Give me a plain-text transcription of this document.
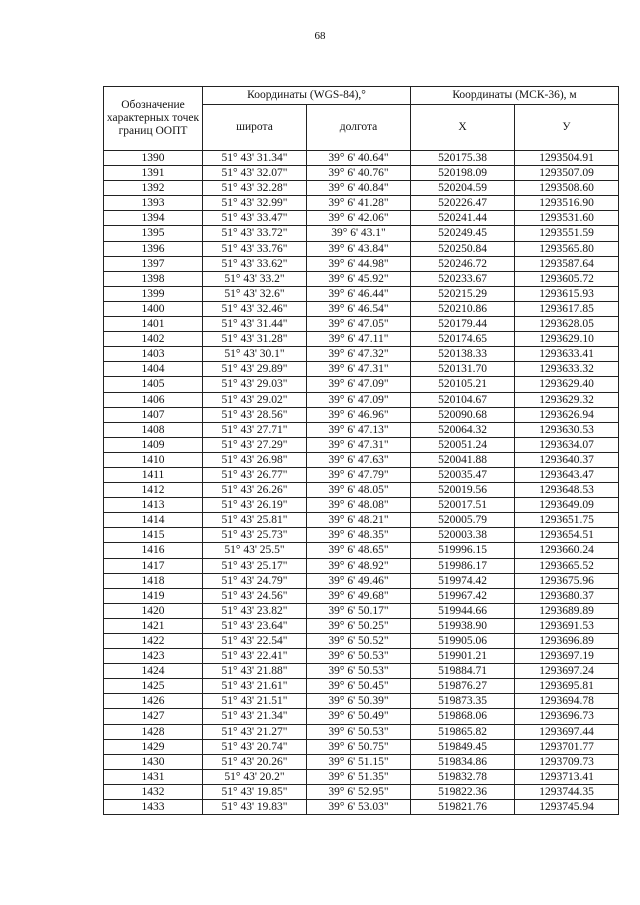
68
Обозначение характерных точек границ ООПТ	Координаты (WGS-84),°		Координаты (МСК-36), м	
	широта	долгота	X	У
1390	51° 43' 31.34"	39° 6' 40.64"	520175.38	1293504.91
1391	51° 43' 32.07"	39° 6' 40.76"	520198.09	1293507.09
1392	51° 43' 32.28"	39° 6' 40.84"	520204.59	1293508.60
1393	51° 43' 32.99"	39° 6' 41.28"	520226.47	1293516.90
1394	51° 43' 33.47"	39° 6' 42.06"	520241.44	1293531.60
1395	51° 43' 33.72"	39° 6' 43.1"	520249.45	1293551.59
1396	51° 43' 33.76"	39° 6' 43.84"	520250.84	1293565.80
1397	51° 43' 33.62"	39° 6' 44.98"	520246.72	1293587.64
1398	51° 43' 33.2"	39° 6' 45.92"	520233.67	1293605.72
1399	51° 43' 32.6"	39° 6' 46.44"	520215.29	1293615.93
1400	51° 43' 32.46"	39° 6' 46.54"	520210.86	1293617.85
1401	51° 43' 31.44"	39° 6' 47.05"	520179.44	1293628.05
1402	51° 43' 31.28"	39° 6' 47.11"	520174.65	1293629.10
1403	51° 43' 30.1"	39° 6' 47.32"	520138.33	1293633.41
1404	51° 43' 29.89"	39° 6' 47.31"	520131.70	1293633.32
1405	51° 43' 29.03"	39° 6' 47.09"	520105.21	1293629.40
1406	51° 43' 29.02"	39° 6' 47.09"	520104.67	1293629.32
1407	51° 43' 28.56"	39° 6' 46.96"	520090.68	1293626.94
1408	51° 43' 27.71"	39° 6' 47.13"	520064.32	1293630.53
1409	51° 43' 27.29"	39° 6' 47.31"	520051.24	1293634.07
1410	51° 43' 26.98"	39° 6' 47.63"	520041.88	1293640.37
1411	51° 43' 26.77"	39° 6' 47.79"	520035.47	1293643.47
1412	51° 43' 26.26"	39° 6' 48.05"	520019.56	1293648.53
1413	51° 43' 26.19"	39° 6' 48.08"	520017.51	1293649.09
1414	51° 43' 25.81"	39° 6' 48.21"	520005.79	1293651.75
1415	51° 43' 25.73"	39° 6' 48.35"	520003.38	1293654.51
1416	51° 43' 25.5"	39° 6' 48.65"	519996.15	1293660.24
1417	51° 43' 25.17"	39° 6' 48.92"	519986.17	1293665.52
1418	51° 43' 24.79"	39° 6' 49.46"	519974.42	1293675.96
1419	51° 43' 24.56"	39° 6' 49.68"	519967.42	1293680.37
1420	51° 43' 23.82"	39° 6' 50.17"	519944.66	1293689.89
1421	51° 43' 23.64"	39° 6' 50.25"	519938.90	1293691.53
1422	51° 43' 22.54"	39° 6' 50.52"	519905.06	1293696.89
1423	51° 43' 22.41"	39° 6' 50.53"	519901.21	1293697.19
1424	51° 43' 21.88"	39° 6' 50.53"	519884.71	1293697.24
1425	51° 43' 21.61"	39° 6' 50.45"	519876.27	1293695.81
1426	51° 43' 21.51"	39° 6' 50.39"	519873.35	1293694.78
1427	51° 43' 21.34"	39° 6' 50.49"	519868.06	1293696.73
1428	51° 43' 21.27"	39° 6' 50.53"	519865.82	1293697.44
1429	51° 43' 20.74"	39° 6' 50.75"	519849.45	1293701.77
1430	51° 43' 20.26"	39° 6' 51.15"	519834.86	1293709.73
1431	51° 43' 20.2"	39° 6' 51.35"	519832.78	1293713.41
1432	51° 43' 19.85"	39° 6' 52.95"	519822.36	1293744.35
1433	51° 43' 19.83"	39° 6' 53.03"	519821.76	1293745.94
